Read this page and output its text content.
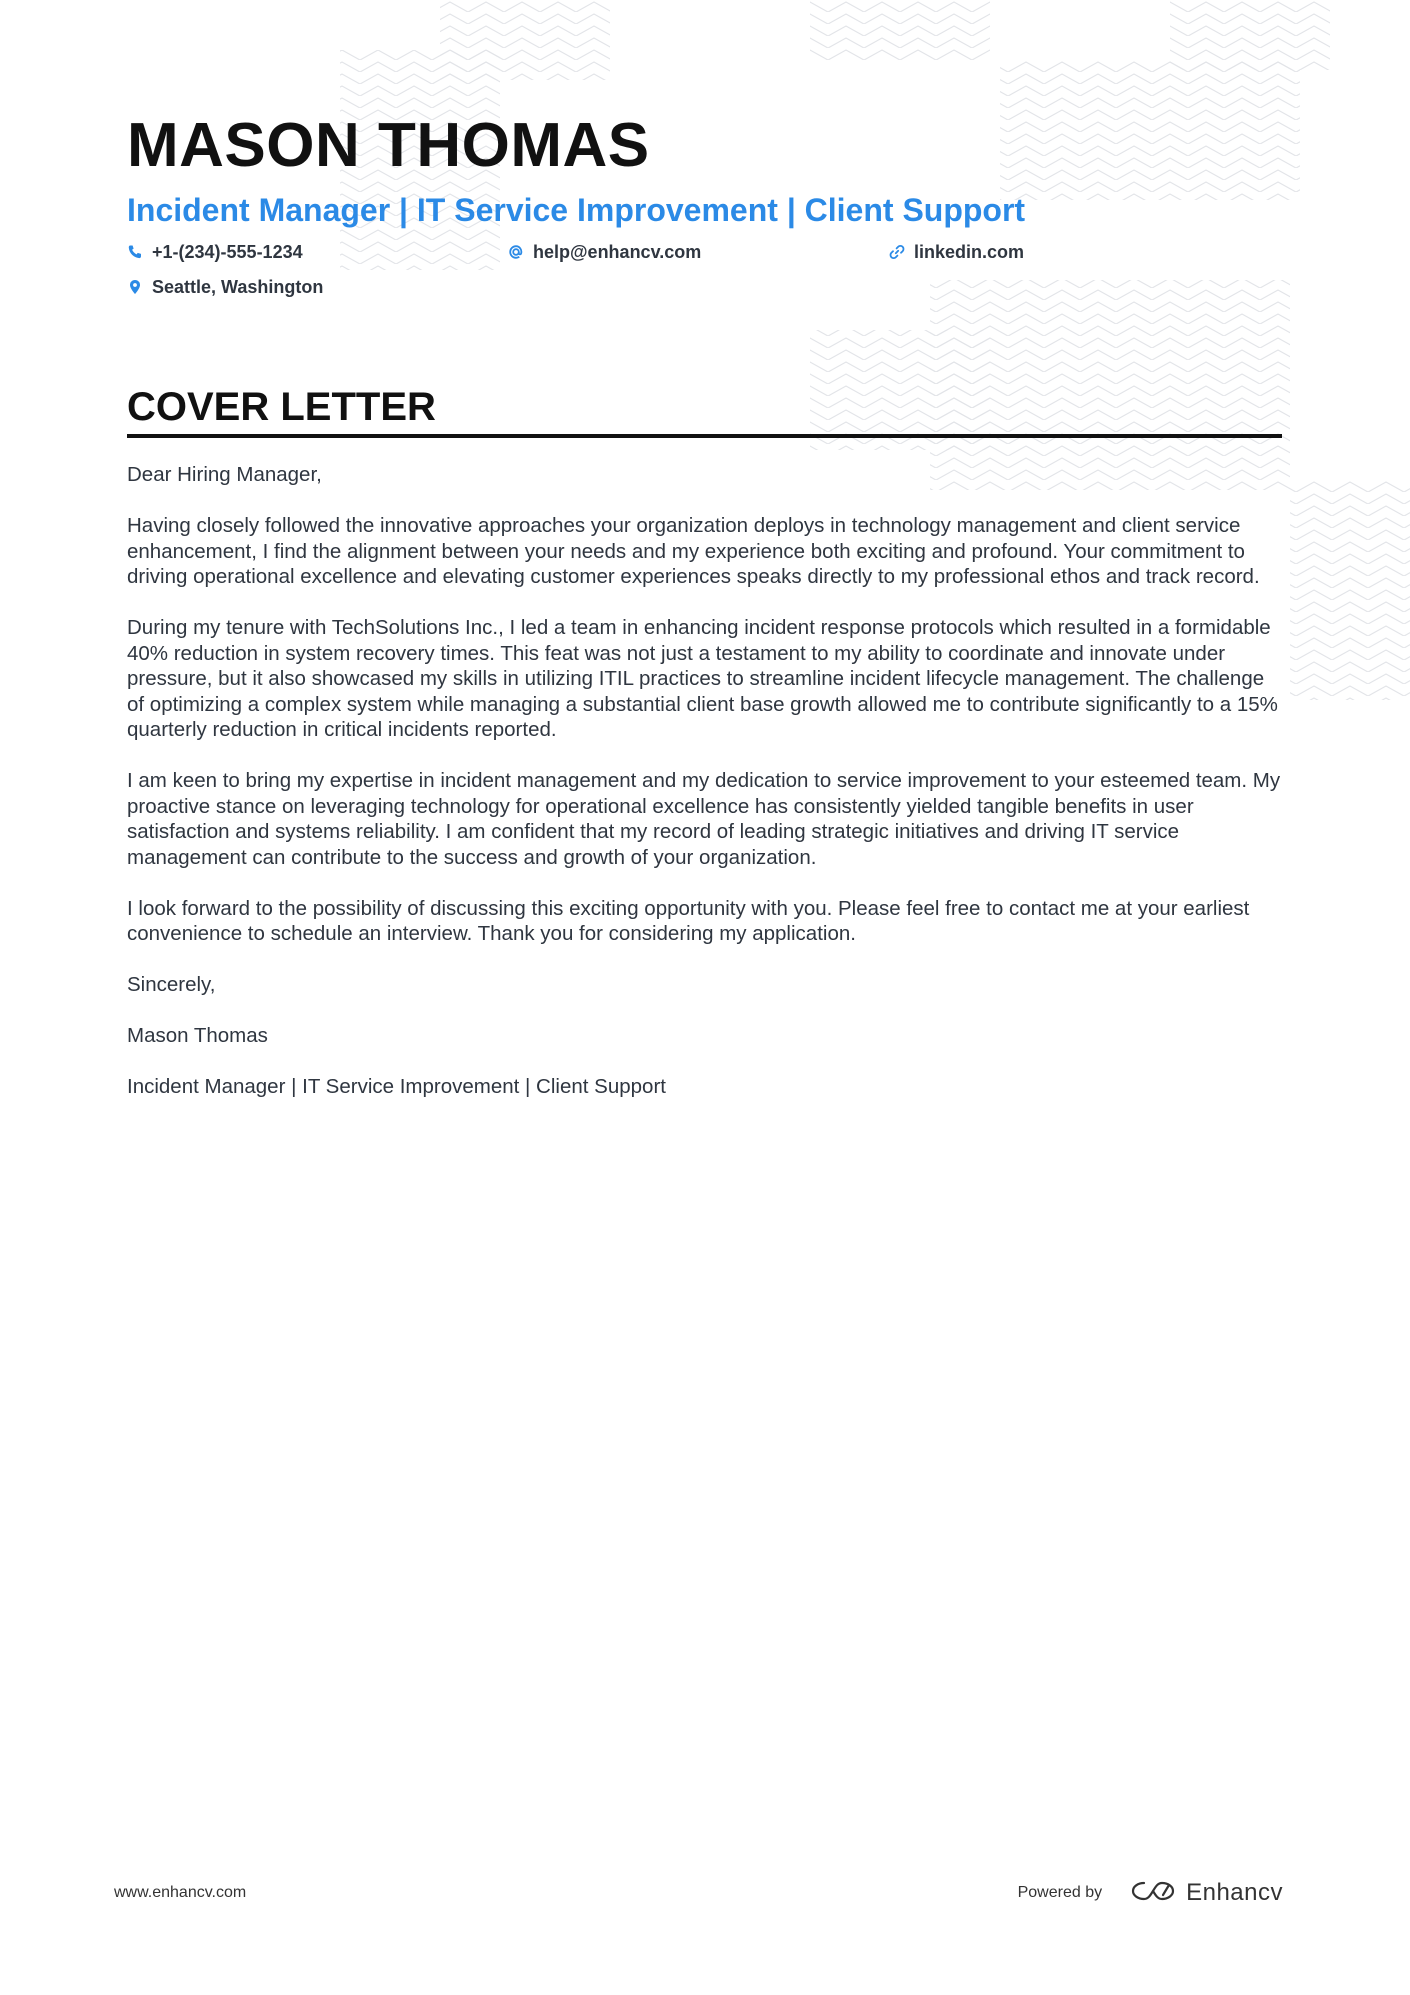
MASON THOMAS
Incident Manager | IT Service Improvement | Client Support
+1-(234)-555-1234	help@enhancv.com	linkedin.com
Seattle, Washington
COVER LETTER

Dear Hiring Manager,

Having closely followed the innovative approaches your organization deploys in technology management and client service enhancement, I find the alignment between your needs and my experience both exciting and profound. Your commitment to driving operational excellence and elevating customer experiences speaks directly to my professional ethos and track record.

During my tenure with TechSolutions Inc., I led a team in enhancing incident response protocols which resulted in a formidable 40% reduction in system recovery times. This feat was not just a testament to my ability to coordinate and innovate under pressure, but it also showcased my skills in utilizing ITIL practices to streamline incident lifecycle management. The challenge of optimizing a complex system while managing a substantial client base growth allowed me to contribute significantly to a 15% quarterly reduction in critical incidents reported.

I am keen to bring my expertise in incident management and my dedication to service improvement to your esteemed team. My proactive stance on leveraging technology for operational excellence has consistently yielded tangible benefits in user satisfaction and systems reliability. I am confident that my record of leading strategic initiatives and driving IT service management can contribute to the success and growth of your organization.

I look forward to the possibility of discussing this exciting opportunity with you. Please feel free to contact me at your earliest convenience to schedule an interview. Thank you for considering my application.

Sincerely,

Mason Thomas

Incident Manager | IT Service Improvement | Client Support

www.enhancv.com	Powered by	Enhancv
